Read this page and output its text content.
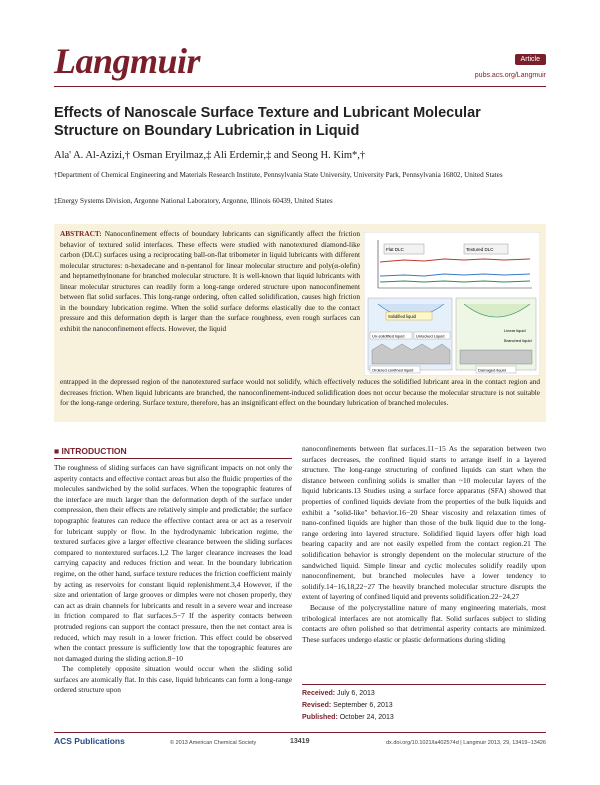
Langmuir	Article
pubs.acs.org/Langmuir
Effects of Nanoscale Surface Texture and Lubricant Molecular Structure on Boundary Lubrication in Liquid
Ala' A. Al-Azizi,† Osman Eryilmaz,‡ Ali Erdemir,‡ and Seong H. Kim*,†
†Department of Chemical Engineering and Materials Research Institute, Pennsylvania State University, University Park, Pennsylvania 16802, United States
‡Energy Systems Division, Argonne National Laboratory, Argonne, Illinois 60439, United States
ABSTRACT: Nanoconfinement effects of boundary lubricants can significantly affect the friction behavior of textured solid interfaces. These effects were studied with nanotextured diamond-like carbon (DLC) surfaces using a reciprocating ball-on-flat tribometer in liquid lubricants with different molecular structures: n-hexadecane and n-pentanol for linear molecular structure and poly(α-olefin) and heptamethylnonane for branched molecular structure. It is well-known that liquid lubricants with linear molecular structures can readily form a long-range ordered structure upon nanoconfinement between flat solid surfaces. This long-range ordering, often called solidification, causes high friction in the boundary lubrication regime. When the solid surface deforms elastically due to the contact pressure and this deformation depth is larger than the surface roughness, even rough surfaces can exhibit the nanoconfinement effects. However, the liquid
entrapped in the depressed region of the nanotextured surface would not solidify, which effectively reduces the solidified lubricant area in the contact region and decreases friction. When liquid lubricants are branched, the nanoconfinement-induced solidification does not occur because the molecular structure is not suitable for the long-range ordering. Surface texture, therefore, has an insignificant effect on the boundary lubrication of branched molecules.
Flat DLC	Textured DLC
Solidified liquid
Un-solidified liquid	Unlocked Liquid
Ordered confined liquid	Damaged liquid
Linear liquid
Branched liquid
■ INTRODUCTION

The roughness of sliding surfaces can have significant impacts on not only the asperity contacts and effective contact areas but also the fluidic properties of the molecules sandwiched by the solid surfaces. When the topographic features of the interface are much larger than the deformation depth of the surface under compression, then their effects are relatively simple and predictable; the surface topographic features can reduce the effective contact area or act as a reservoir for lubricant supply or flow. In the hydrodynamic lubrication regime, the textured surfaces give a larger effective clearance between the sliding surfaces compared to nontextured surfaces.1,2 The larger clearance increases the load carrying capacity and reduces friction and wear. In the boundary lubrication regime, on the other hand, surface texture reduces the friction coefficient mainly by acting as reservoirs for constant liquid replenishment.3,4 However, if the size and orientation of large grooves or dimples were not chosen properly, they can act as drain channels for lubricants and result in a severe wear and increase in friction compared to flat surfaces.5−7 If the asperity contacts between protruded regions can support the contact pressure, then the net contact area is reduced, which may result in a lower friction. This effect could be observed when the contact pressure is sufficiently low that the topographic features are not damaged during the sliding action.8−10

The completely opposite situation would occur when the sliding solid surfaces are atomically flat. In this case, liquid lubricants can form a long-range ordered structure upon

nanoconfinements between flat surfaces.11−15 As the separation between two surfaces decreases, the confined liquid starts to arrange itself in a layered structure. The long-range structuring of confined liquids can start when the distance between confining solids is smaller than ~10 molecular layers of the liquid lubricants.13 Studies using a surface force apparatus (SFA) showed that properties of confined liquids deviate from the properties of the bulk liquids and exhibit a "solid-like" behavior.16−20 Shear viscosity and relaxation times of nano-confined liquids are higher than those of the bulk liquid due to the long-range ordering into layered structure. Solidified liquid layers offer high load bearing capacity and are not easily expelled from the contact region.21 The solidification behavior is strongly dependent on the molecular structure of the sandwiched liquid. Simple linear and cyclic molecules solidify readily upon nanoconfinement, but branched molecules have a lower tendency to solidify.14−16,18,22−27 The heavily branched molecular structure disrupts the extent of layering of confined liquid and prevents solidification.22−24,27

Because of the polycrystalline nature of many engineering materials, most tribological interfaces are not atomically flat. Solid surfaces subject to sliding contacts are often polished so that detrimental asperity contacts are minimized. These surfaces undergo elastic or plastic deformations during sliding

Received: July 6, 2013
Revised: September 6, 2013
Published: October 24, 2013
ACS Publications	© 2013 American Chemical Society	13419	dx.doi.org/10.1021/la402574d | Langmuir 2013, 29, 13419−13426
